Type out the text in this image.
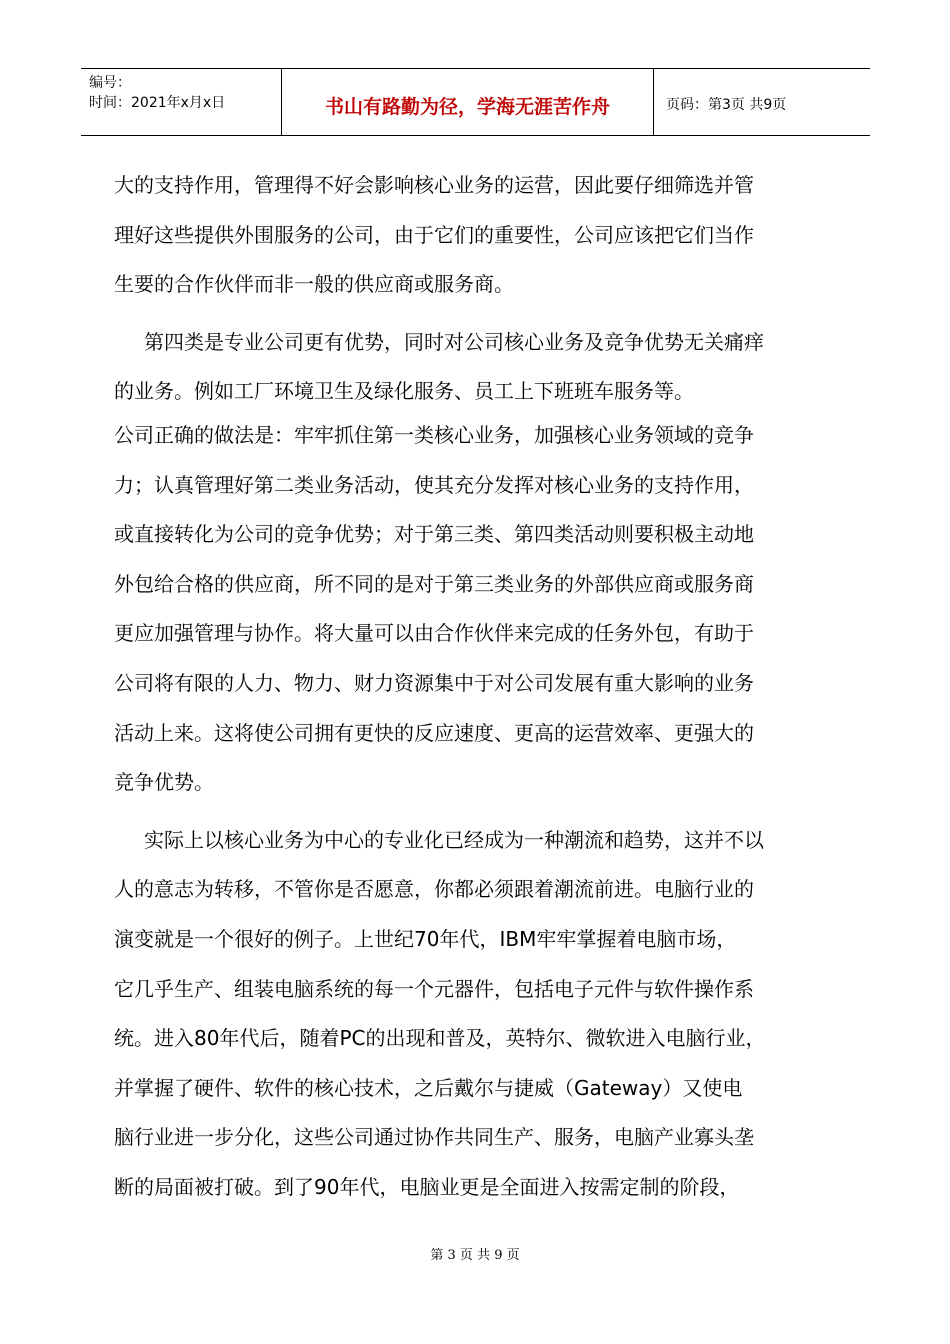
编号：
时间：2021年x月x日	书山有路勤为径，学海无涯苦作舟	页码：第3页 共9页
大的支持作用，管理得不好会影响核心业务的运营，因此要仔细筛选并管
理好这些提供外围服务的公司，由于它们的重要性，公司应该把它们当作
生要的合作伙伴而非一般的供应商或服务商。
第四类是专业公司更有优势，同时对公司核心业务及竞争优势无关痛痒
的业务。例如工厂环境卫生及绿化服务、员工上下班班车服务等。
公司正确的做法是：牢牢抓住第一类核心业务，加强核心业务领域的竞争
力；认真管理好第二类业务活动，使其充分发挥对核心业务的支持作用，
或直接转化为公司的竞争优势；对于第三类、第四类活动则要积极主动地
外包给合格的供应商，所不同的是对于第三类业务的外部供应商或服务商
更应加强管理与协作。将大量可以由合作伙伴来完成的任务外包，有助于
公司将有限的人力、物力、财力资源集中于对公司发展有重大影响的业务
活动上来。这将使公司拥有更快的反应速度、更高的运营效率、更强大的
竞争优势。
实际上以核心业务为中心的专业化已经成为一种潮流和趋势，这并不以
人的意志为转移，不管你是否愿意，你都必须跟着潮流前进。电脑行业的
演变就是一个很好的例子。上世纪70年代，IBM牢牢掌握着电脑市场，
它几乎生产、组装电脑系统的每一个元器件，包括电子元件与软件操作系
统。进入80年代后，随着PC的出现和普及，英特尔、微软进入电脑行业，
并掌握了硬件、软件的核心技术，之后戴尔与捷威（Gateway）又使电
脑行业进一步分化，这些公司通过协作共同生产、服务，电脑产业寡头垄
断的局面被打破。到了90年代，电脑业更是全面进入按需定制的阶段，
第 3 页 共 9 页
